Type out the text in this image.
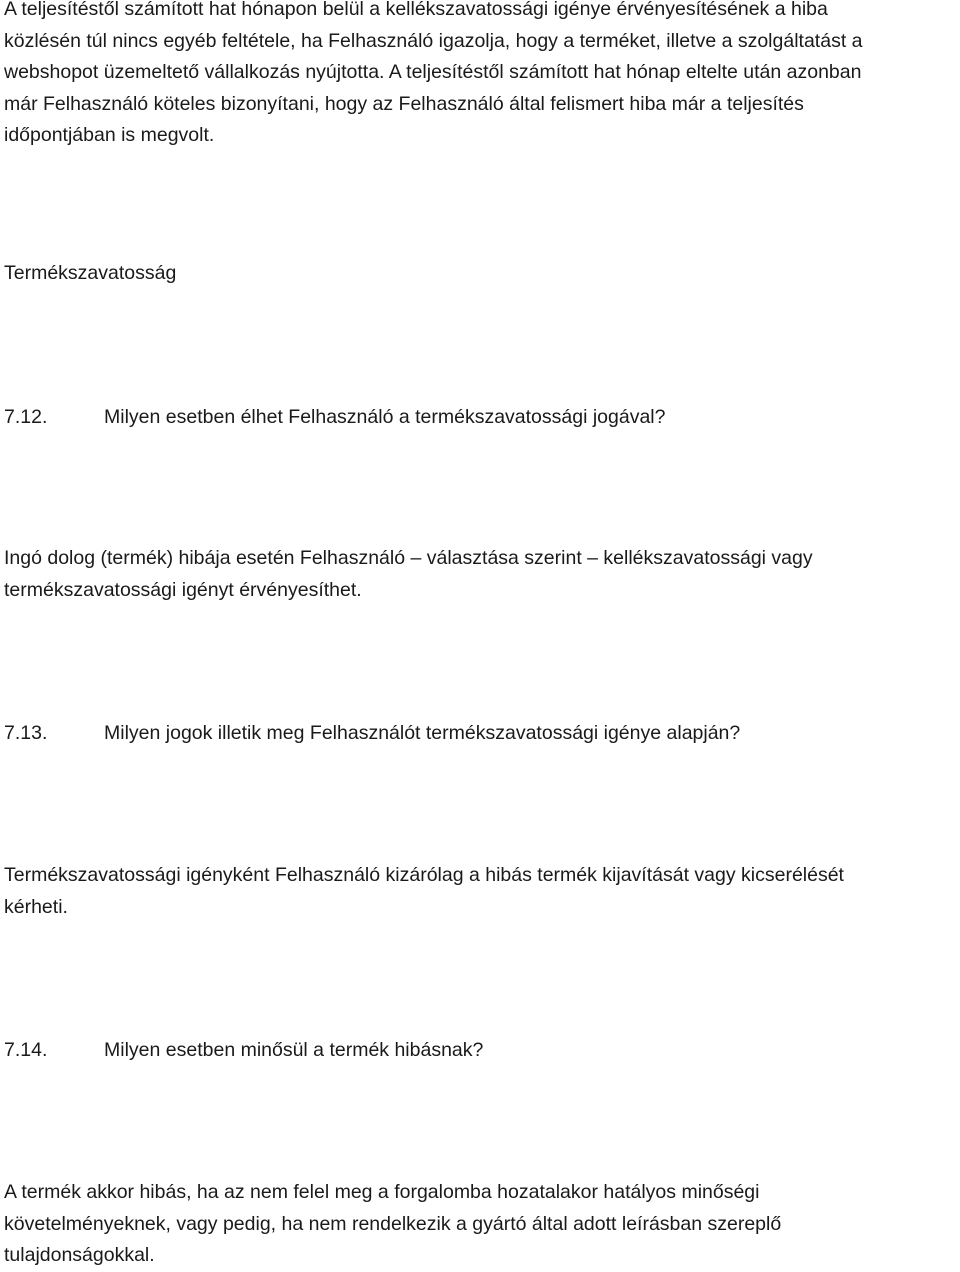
A teljesítéstől számított hat hónapon belül a kellékszavatossági igénye érvényesítésének a hiba
közlésén túl nincs egyéb feltétele, ha Felhasználó igazolja, hogy a terméket, illetve a szolgáltatást a
webshopot üzemeltető vállalkozás nyújtotta. A teljesítéstől számított hat hónap eltelte után azonban
már Felhasználó köteles bizonyítani, hogy az Felhasználó által felismert hiba már a teljesítés
időpontjában is megvolt.

Termékszavatosság
7.12.	Milyen esetben élhet Felhasználó a termékszavatossági jogával?

Ingó dolog (termék) hibája esetén Felhasználó – választása szerint – kellékszavatossági vagy
termékszavatossági igényt érvényesíthet.

7.13.	Milyen jogok illetik meg Felhasználót termékszavatossági igénye alapján?

Termékszavatossági igényként Felhasználó kizárólag a hibás termék kijavítását vagy kicserélését
kérheti.

7.14.	Milyen esetben minősül a termék hibásnak?

A termék akkor hibás, ha az nem felel meg a forgalomba hozatalakor hatályos minőségi
követelményeknek, vagy pedig, ha nem rendelkezik a gyártó által adott leírásban szereplő
tulajdonságokkal.
